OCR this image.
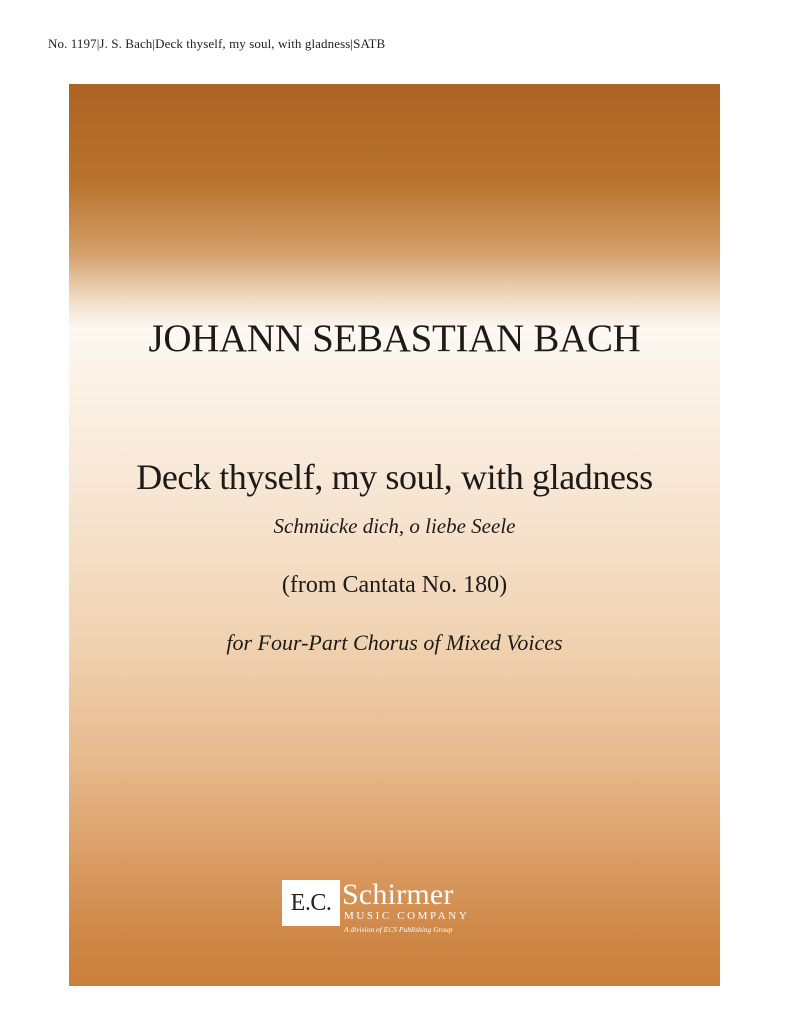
No. 1197|J. S. Bach|Deck thyself, my soul, with gladness|SATB
JOHANN SEBASTIAN BACH
Deck thyself, my soul, with gladness
Schmücke dich, o liebe Seele
(from Cantata No. 180)
for Four-Part Chorus of Mixed Voices
E.C. Schirmer
MUSIC COMPANY
A division of ECS Publishing Group
